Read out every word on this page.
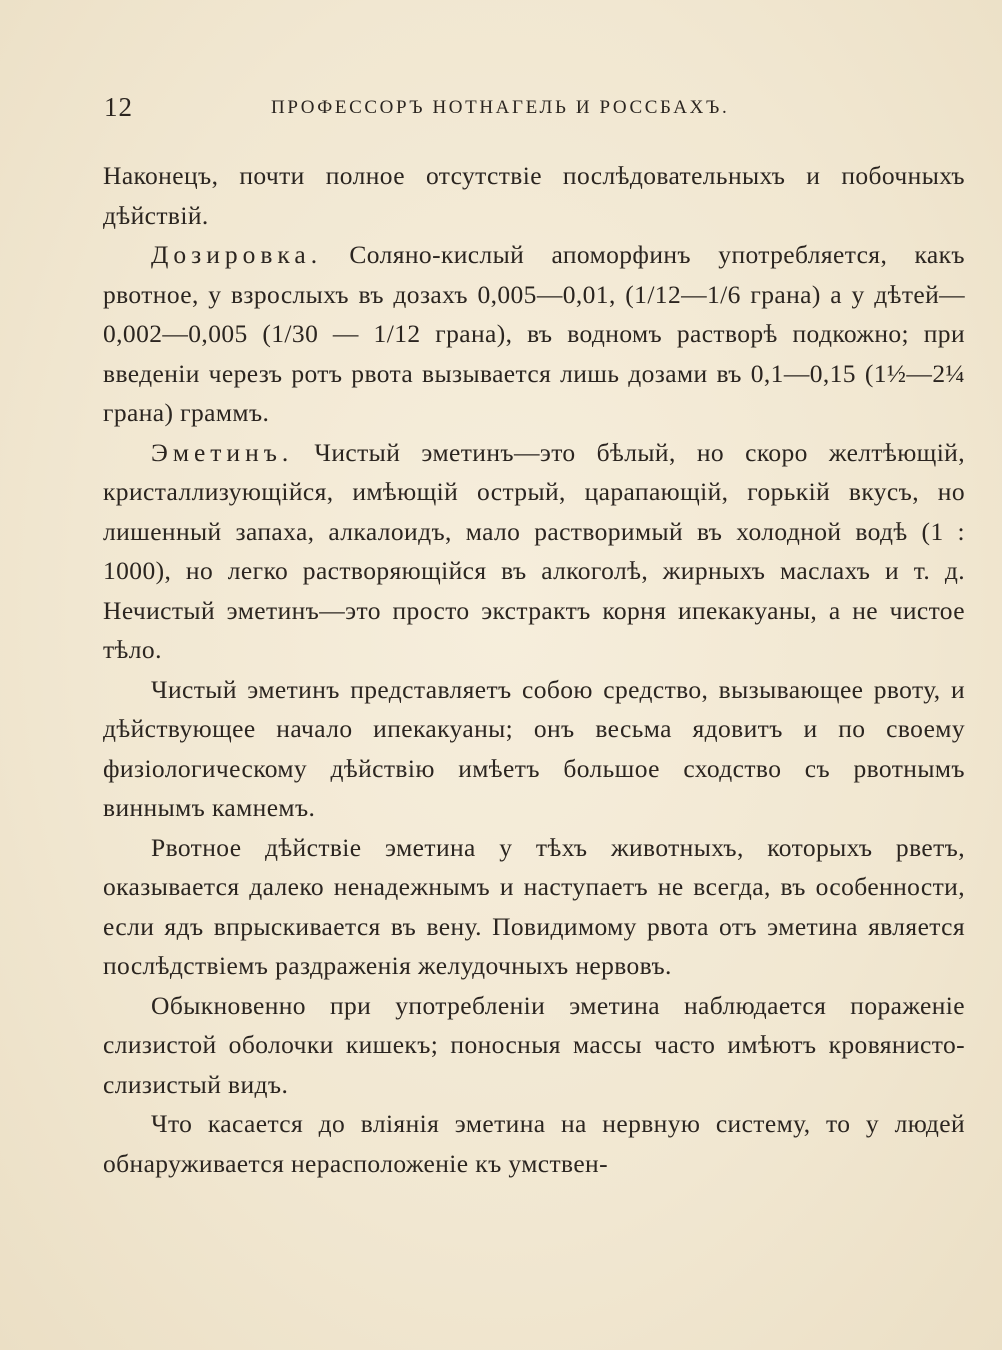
12	ПРОФЕССОРЪ НОТНАГЕЛЬ И РОССБАХЪ.

Наконецъ, почти полное отсутствіе послѣдовательныхъ и побочныхъ дѣйствій.

Дозировка. Соляно-кислый апоморфинъ употребляется, какъ рвотное, у взрослыхъ въ дозахъ 0,005—0,01, (1/12—1/6 грана) а у дѣтей—0,002—0,005 (1/30 — 1/12 грана), въ водномъ растворѣ подкожно; при введеніи черезъ ротъ рвота вызывается лишь дозами въ 0,1—0,15 (1½—2¼ грана) граммъ.

Эметинъ. Чистый эметинъ—это бѣлый, но скоро желтѣющій, кристаллизующійся, имѣющій острый, царапающій, горькій вкусъ, но лишенный запаха, алкалоидъ, мало растворимый въ холодной водѣ (1 : 1000), но легко растворяющійся въ алкоголѣ, жирныхъ маслахъ и т. д. Нечистый эметинъ—это просто экстрактъ корня ипекакуаны, а не чистое тѣло.

Чистый эметинъ представляетъ собою средство, вызывающее рвоту, и дѣйствующее начало ипекакуаны; онъ весьма ядовитъ и по своему физіологическому дѣйствію имѣетъ большое сходство съ рвотнымъ виннымъ камнемъ.

Рвотное дѣйствіе эметина у тѣхъ животныхъ, которыхъ рветъ, оказывается далеко ненадежнымъ и наступаетъ не всегда, въ особенности, если ядъ впрыскивается въ вену. Повидимому рвота отъ эметина является послѣдствіемъ раздраженія желудочныхъ нервовъ.

Обыкновенно при употребленіи эметина наблюдается пораженіе слизистой оболочки кишекъ; поносныя массы часто имѣютъ кровянисто-слизистый видъ.

Что касается до вліянія эметина на нервную систему, то у людей обнаруживается нерасположеніе къ умствен-
